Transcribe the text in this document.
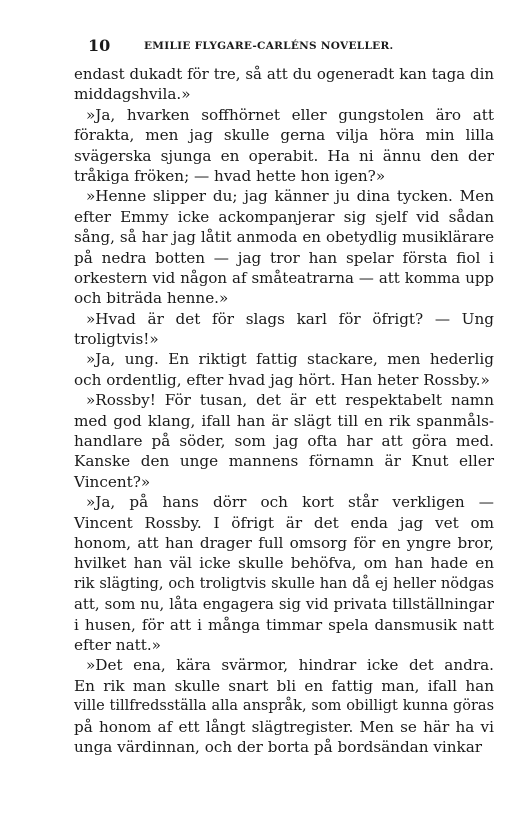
10	EMILIE FLYGARE-CARLÉNS NOVELLER.
endast dukadt för tre, så att du ogeneradt kan taga din
middagshvila.»
»Ja, hvarken soffhörnet eller gungstolen äro att
förakta, men jag skulle gerna vilja höra min lilla
svägerska sjunga en operabit. Ha ni ännu den der
tråkiga fröken; — hvad hette hon igen?»
»Henne slipper du; jag känner ju dina tycken. Men
efter Emmy icke ackompanjerar sig sjelf vid sådan
sång, så har jag låtit anmoda en obetydlig musiklärare
på nedra botten — jag tror han spelar första fiol i
orkestern vid någon af småteatrarna — att komma upp
och biträda henne.»
»Hvad är det för slags karl för öfrigt? — Ung
troligtvis!»
»Ja, ung. En riktigt fattig stackare, men hederlig
och ordentlig, efter hvad jag hört. Han heter Rossby.»
»Rossby! För tusan, det är ett respektabelt namn
med god klang, ifall han är slägt till en rik spanmåls-
handlare på söder, som jag ofta har att göra med.
Kanske den unge mannens förnamn är Knut eller
Vincent?»
»Ja, på hans dörr och kort står verkligen —
Vincent Rossby. I öfrigt är det enda jag vet om
honom, att han drager full omsorg för en yngre bror,
hvilket han väl icke skulle behöfva, om han hade en
rik slägting, och troligtvis skulle han då ej heller nödgas
att, som nu, låta engagera sig vid privata tillställningar
i husen, för att i många timmar spela dansmusik natt
efter natt.»
»Det ena, kära svärmor, hindrar icke det andra.
En rik man skulle snart bli en fattig man, ifall han
ville tillfredsställa alla anspråk, som obilligt kunna göras
på honom af ett långt slägtregister. Men se här ha vi
unga värdinnan, och der borta på bordsändan vinkar
